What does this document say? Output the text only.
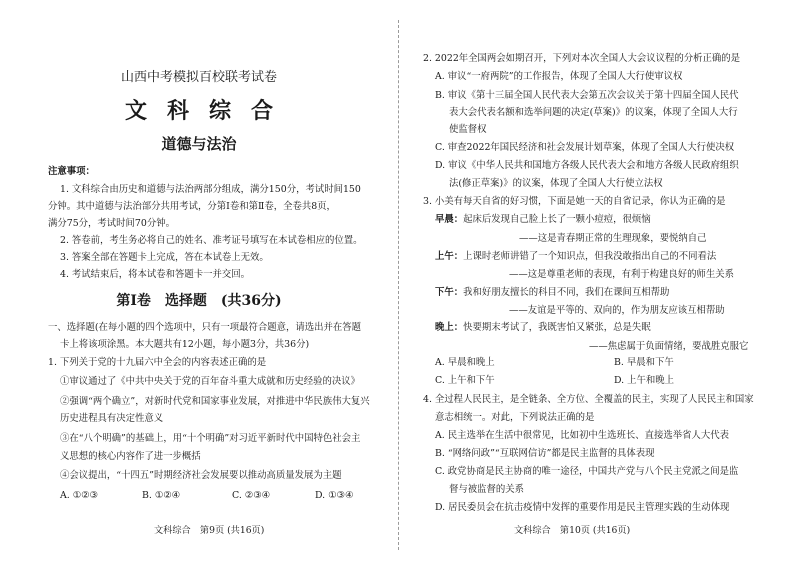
山西中考模拟百校联考试卷
文科综合
道德与法治
注意事项：
1. 文科综合由历史和道德与法治两部分组成，满分150分，考试时间150
分钟。其中道德与法治部分共用考试，分第Ⅰ卷和第Ⅱ卷，全卷共8页，
满分75分，考试时间70分钟。
2. 答卷前，考生务必将自己的姓名、准考证号填写在本试卷相应的位置。
3. 答案全部在答题卡上完成，答在本试卷上无效。
4. 考试结束后，将本试卷和答题卡一并交回。
第Ⅰ卷　选择题　(共36分)
一、选择题(在每小题的四个选项中，只有一项最符合题意，请选出并在答题
卡上将该项涂黑。本大题共有12小题，每小题3分，共36分)
1. 下列关于党的十九届六中全会的内容表述正确的是
①审议通过了《中共中央关于党的百年奋斗重大成就和历史经验的决议》
②强调“两个确立”，对新时代党和国家事业发展，对推进中华民族伟大复兴
历史进程具有决定性意义
③在“八个明确”的基础上，用“十个明确”对习近平新时代中国特色社会主
义思想的核心内容作了进一步概括
④会议提出，“十四五”时期经济社会发展要以推动高质量发展为主题
A. ①②③	B. ①②④	C. ②③④	D. ①③④
文科综合　第9页 (共16页)
2. 2022年全国两会如期召开，下列对本次全国人大会议议程的分析正确的是
A. 审议“一府两院”的工作报告，体现了全国人大行使审议权
B. 审议《第十三届全国人民代表大会第五次会议关于第十四届全国人民代
表大会代表名额和选举问题的决定(草案)》的议案，体现了全国人大行
使监督权
C. 审查2022年国民经济和社会发展计划草案，体现了全国人大行使决权
D. 审议《中华人民共和国地方各级人民代表大会和地方各级人民政府组织
法(修正草案)》的议案，体现了全国人大行使立法权
3. 小美有每天自省的好习惯，下面是她一天的自省记录，你认为正确的是
早晨：起床后发现自己脸上长了一颗小痘痘，很烦恼
——这是青春期正常的生理现象，要悦纳自己
上午：上课时老师讲错了一个知识点，但我没敢指出自己的不同看法
——这是尊重老师的表现，有利于构建良好的师生关系
下午：我和好朋友擅长的科目不同，我们在课间互相帮助
——友谊是平等的、双向的，作为朋友应该互相帮助
晚上：快要期末考试了，我既害怕又紧张，总是失眠
——焦虑属于负面情绪，要战胜克服它
A. 早晨和晚上	B. 早晨和下午
C. 上午和下午	D. 上午和晚上
4. 全过程人民民主，是全链条、全方位、全覆盖的民主，实现了人民民主和国家
意志相统一。对此，下列说法正确的是
A. 民主选举在生活中很常见，比如初中生选班长、直接选举省人大代表
B. “网络问政”“互联网信访”都是民主监督的具体表现
C. 政党协商是民主协商的唯一途径，中国共产党与八个民主党派之间是监
督与被监督的关系
D. 居民委员会在抗击疫情中发挥的重要作用是民主管理实践的生动体现
文科综合　第10页 (共16页)
